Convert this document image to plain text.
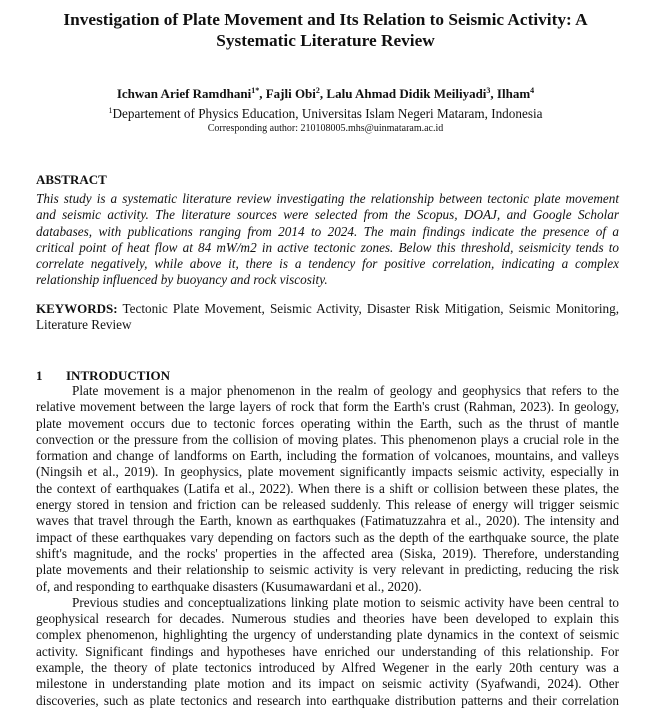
Investigation of Plate Movement and Its Relation to Seismic Activity: A
Systematic Literature Review
Ichwan Arief Ramdhani$^{1*}$, Fajli Obi$^2$, Lalu Ahmad Didik Meiliyadi$^3$, Ilham$^4$
$^1$Departement of Physics Education, Universitas Islam Negeri Mataram, Indonesia
Corresponding author: 210108005.mhs@uinmataram.ac.id
ABSTRACT
This study is a systematic literature review investigating the relationship between tectonic plate movement
and seismic activity. The literature sources were selected from the Scopus, DOAJ, and Google Scholar
databases, with publications ranging from 2014 to 2024. The main findings indicate the presence of a
critical point of heat flow at 84 mW/m2 in active tectonic zones. Below this threshold, seismicity tends to
correlate negatively, while above it, there is a tendency for positive correlation, indicating a complex
relationship influenced by buoyancy and rock viscosity.
KEYWORDS: Tectonic Plate Movement, Seismic Activity, Disaster Risk Mitigation, Seismic Monitoring,
Literature Review
1 INTRODUCTION
Plate movement is a major phenomenon in the realm of geology and geophysics that refers to the
relative movement between the large layers of rock that form the Earth's crust (Rahman, 2023). In geology,
plate movement occurs due to tectonic forces operating within the Earth, such as the thrust of mantle
convection or the pressure from the collision of moving plates. This phenomenon plays a crucial role in the
formation and change of landforms on Earth, including the formation of volcanoes, mountains, and valleys
(Ningsih et al., 2019). In geophysics, plate movement significantly impacts seismic activity, especially in
the context of earthquakes (Latifa et al., 2022). When there is a shift or collision between these plates, the
energy stored in tension and friction can be released suddenly. This release of energy will trigger seismic
waves that travel through the Earth, known as earthquakes (Fatimatuzzahra et al., 2020). The intensity and
impact of these earthquakes vary depending on factors such as the depth of the earthquake source, the plate
shift's magnitude, and the rocks' properties in the affected area (Siska, 2019). Therefore, understanding
plate movements and their relationship to seismic activity is very relevant in predicting, reducing the risk
of, and responding to earthquake disasters (Kusumawardani et al., 2020).
Previous studies and conceptualizations linking plate motion to seismic activity have been central to
geophysical research for decades. Numerous studies and theories have been developed to explain this
complex phenomenon, highlighting the urgency of understanding plate dynamics in the context of seismic
activity. Significant findings and hypotheses have enriched our understanding of this relationship. For
example, the theory of plate tectonics introduced by Alfred Wegener in the early 20th century was a
milestone in understanding plate motion and its impact on seismic activity (Syafwandi, 2024). Other
discoveries, such as plate tectonics and research into earthquake distribution patterns and their correlation
